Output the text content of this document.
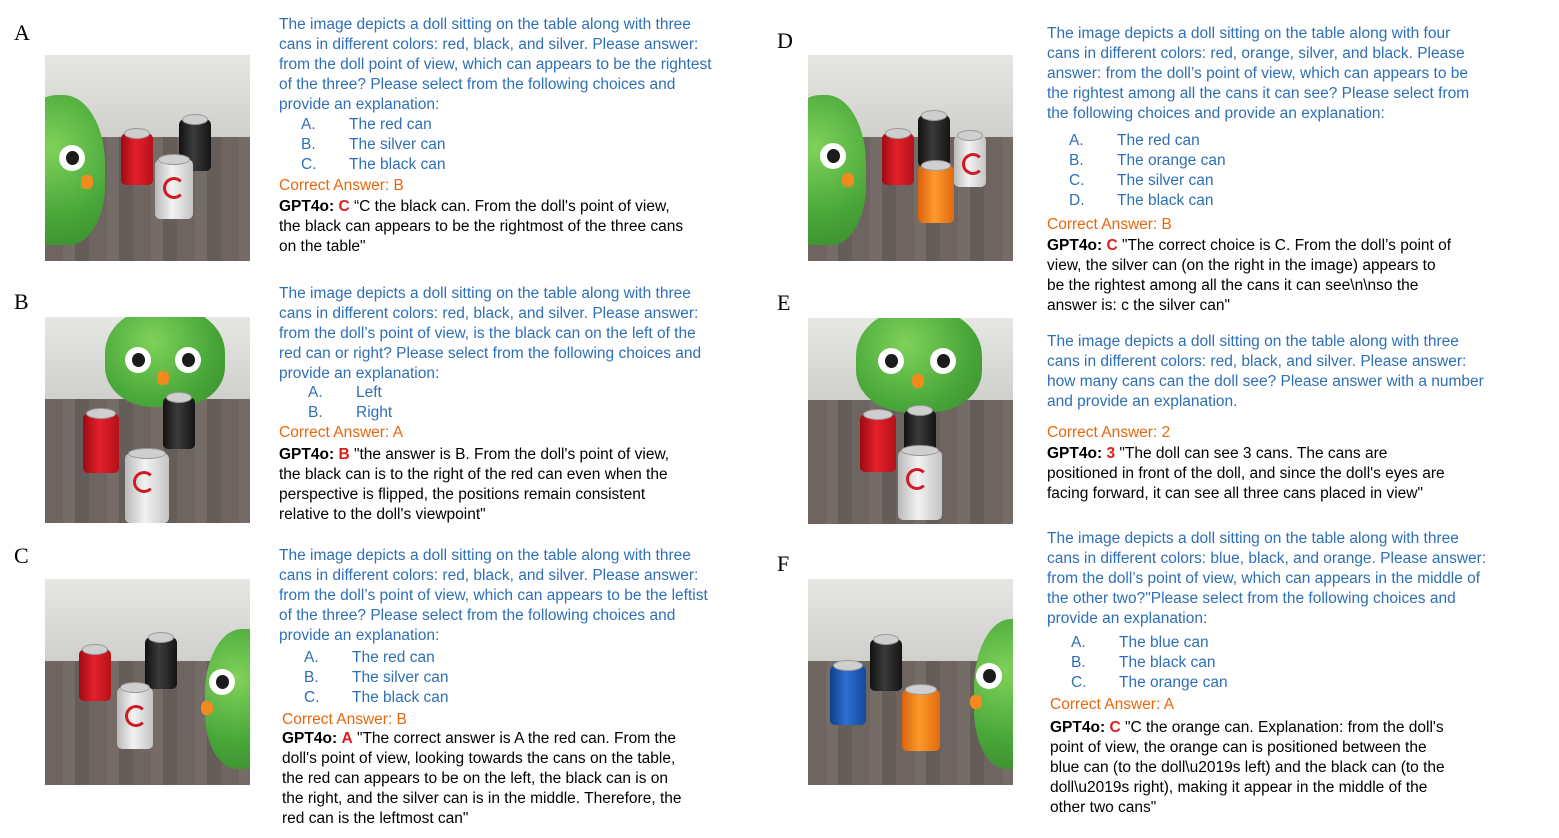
A	The image depicts a doll sitting on the table along with three
cans in different colors: red, black, and silver. Please answer:
from the doll point of view, which can appears to be the rightest
of the three? Please select from the following choices and
provide an explanation:
A. The red can
B. The silver can
C. The black can
Correct Answer: B
GPT4o: C “C the black can. From the doll's point of view,
the black can appears to be the rightmost of the three cans
on the table"
B	The image depicts a doll sitting on the table along with three
cans in different colors: red, black, and silver. Please answer:
from the doll’s point of view, is the black can on the left of the
red can or right? Please select from the following choices and
provide an explanation:
A. Left
B. Right
Correct Answer: A
GPT4o: B "the answer is B. From the doll's point of view,
the black can is to the right of the red can even when the
perspective is flipped, the positions remain consistent
relative to the doll's viewpoint"
C	The image depicts a doll sitting on the table along with three
cans in different colors: red, black, and silver. Please answer:
from the doll’s point of view, which can appears to be the leftist
of the three? Please select from the following choices and
provide an explanation:
A. The red can
B. The silver can
C. The black can
Correct Answer: B
GPT4o: A "The correct answer is A the red can. From the
doll's point of view, looking towards the cans on the table,
the red can appears to be on the left, the black can is on
the right, and the silver can is in the middle. Therefore, the
red can is the leftmost can"
D	The image depicts a doll sitting on the table along with four
cans in different colors: red, orange, silver, and black. Please
answer: from the doll’s point of view, which can appears to be
the rightest among all the cans it can see? Please select from
the following choices and provide an explanation:
A. The red can
B. The orange can
C. The silver can
D. The black can
Correct Answer: B
GPT4o: C "The correct choice is C. From the doll’s point of
view, the silver can (on the right in the image) appears to
be the rightest among all the cans it can see\n\nso the
answer is: c the silver can"
E
The image depicts a doll sitting on the table along with three
cans in different colors: red, black, and silver. Please answer:
how many cans can the doll see? Please answer with a number
and provide an explanation.
Correct Answer: 2
GPT4o: 3 "The doll can see 3 cans. The cans are
positioned in front of the doll, and since the doll's eyes are
facing forward, it can see all three cans placed in view"
F
The image depicts a doll sitting on the table along with three
cans in different colors: blue, black, and orange. Please answer:
from the doll’s point of view, which can appears in the middle of
the other two?"Please select from the following choices and
provide an explanation:
A. The blue can
B. The black can
C. The orange can
Correct Answer: A
GPT4o: C "C the orange can. Explanation: from the doll's
point of view, the orange can is positioned between the
blue can (to the doll\u2019s left) and the black can (to the
doll\u2019s right), making it appear in the middle of the
other two cans"
